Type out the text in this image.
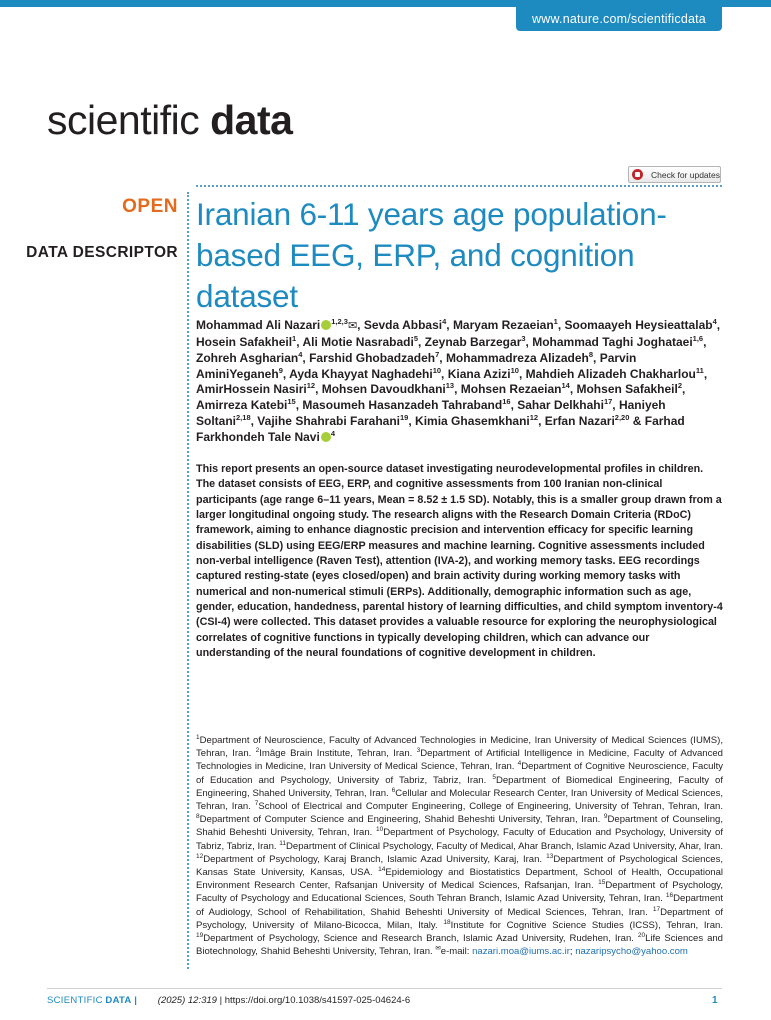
www.nature.com/scientificdata
scientific data
Check for updates
OPEN
DATA DESCRIPTOR
Iranian 6-11 years age population-based EEG, ERP, and cognition dataset
Mohammad Ali Nazari $^{1,2,3}$✉, Sevda Abbasi$^4$, Maryam Rezaeian$^1$, Soomaayeh Heysieattalab$^4$, Hosein Safakheil$^1$, Ali Motie Nasrabadi$^5$, Zeynab Barzegar$^3$, Mohammad Taghi Joghataei$^{1,6}$, Zohreh Asgharian$^4$, Farshid Ghobadzadeh$^7$, Mohammadreza Alizadeh$^8$, Parvin AminiYeganeh$^9$, Ayda Khayyat Naghadehi$^{10}$, Kiana Azizi$^{10}$, Mahdieh Alizadeh Chakharlou$^{11}$, AmirHossein Nasiri$^{12}$, Mohsen Davoudkhani$^{13}$, Mohsen Rezaeian$^{14}$, Mohsen Safakheil$^2$, Amirreza Katebi$^{15}$, Masoumeh Hasanzadeh Tahraband$^{16}$, Sahar Delkhahi$^{17}$, Haniyeh Soltani$^{2,18}$, Vajihe Shahrabi Farahani$^{19}$, Kimia Ghasemkhani$^{12}$, Erfan Nazari$^{2,20}$ & Farhad Farkhondeh Tale Navi $^4$
This report presents an open-source dataset investigating neurodevelopmental profiles in children. The dataset consists of EEG, ERP, and cognitive assessments from 100 Iranian non-clinical participants (age range 6–11 years, Mean = 8.52 ± 1.5 SD). Notably, this is a smaller group drawn from a larger longitudinal ongoing study. The research aligns with the Research Domain Criteria (RDoC) framework, aiming to enhance diagnostic precision and intervention efficacy for specific learning disabilities (SLD) using EEG/ERP measures and machine learning. Cognitive assessments included non-verbal intelligence (Raven Test), attention (IVA-2), and working memory tasks. EEG recordings captured resting-state (eyes closed/open) and brain activity during working memory tasks with numerical and non-numerical stimuli (ERPs). Additionally, demographic information such as age, gender, education, handedness, parental history of learning difficulties, and child symptom inventory-4 (CSI-4) were collected. This dataset provides a valuable resource for exploring the neurophysiological correlates of cognitive functions in typically developing children, which can advance our understanding of the neural foundations of cognitive development in children.
$^1$Department of Neuroscience, Faculty of Advanced Technologies in Medicine, Iran University of Medical Sciences (IUMS), Tehran, Iran. $^2$Imâge Brain Institute, Tehran, Iran. $^3$Department of Artificial Intelligence in Medicine, Faculty of Advanced Technologies in Medicine, Iran University of Medical Science, Tehran, Iran. $^4$Department of Cognitive Neuroscience, Faculty of Education and Psychology, University of Tabriz, Tabriz, Iran. $^5$Department of Biomedical Engineering, Faculty of Engineering, Shahed University, Tehran, Iran. $^6$Cellular and Molecular Research Center, Iran University of Medical Sciences, Tehran, Iran. $^7$School of Electrical and Computer Engineering, College of Engineering, University of Tehran, Tehran, Iran. $^8$Department of Computer Science and Engineering, Shahid Beheshti University, Tehran, Iran. $^9$Department of Counseling, Shahid Beheshti University, Tehran, Iran. $^{10}$Department of Psychology, Faculty of Education and Psychology, University of Tabriz, Tabriz, Iran. $^{11}$Department of Clinical Psychology, Faculty of Medical, Ahar Branch, Islamic Azad University, Ahar, Iran. $^{12}$Department of Psychology, Karaj Branch, Islamic Azad University, Karaj, Iran. $^{13}$Department of Psychological Sciences, Kansas State University, Kansas, USA. $^{14}$Epidemiology and Biostatistics Department, School of Health, Occupational Environment Research Center, Rafsanjan University of Medical Sciences, Rafsanjan, Iran. $^{15}$Department of Psychology, Faculty of Psychology and Educational Sciences, South Tehran Branch, Islamic Azad University, Tehran, Iran. $^{16}$Department of Audiology, School of Rehabilitation, Shahid Beheshti University of Medical Sciences, Tehran, Iran. $^{17}$Department of Psychology, University of Milano-Bicocca, Milan, Italy. $^{18}$Institute for Cognitive Science Studies (ICSS), Tehran, Iran. $^{19}$Department of Psychology, Science and Research Branch, Islamic Azad University, Rudehen, Iran. $^{20}$Life Sciences and Biotechnology, Shahid Beheshti University, Tehran, Iran. ✉e-mail: nazari.moa@iums.ac.ir; nazaripsycho@yahoo.com
SCIENTIFIC DATA | (2025) 12:319 | https://doi.org/10.1038/s41597-025-04624-6	1
